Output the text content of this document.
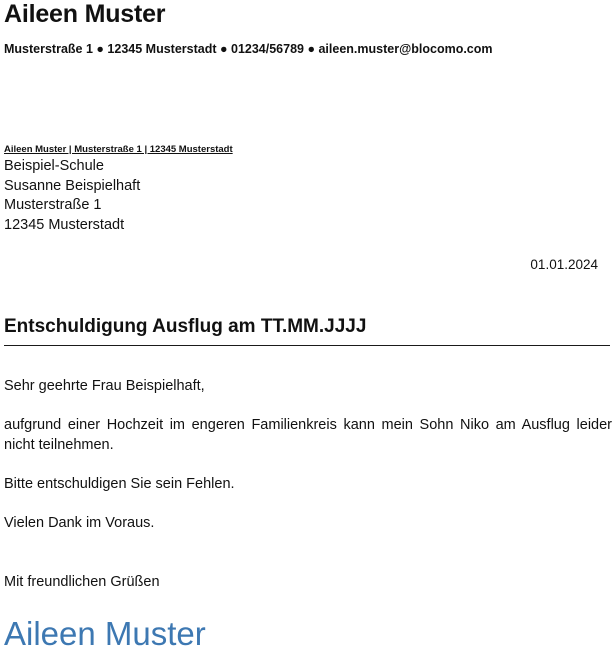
Aileen Muster
Musterstraße 1 ● 12345 Musterstadt ● 01234/56789 ● aileen.muster@blocomo.com
Aileen Muster | Musterstraße 1 | 12345 Musterstadt
Beispiel-Schule
Susanne Beispielhaft
Musterstraße 1
12345 Musterstadt
01.01.2024
Entschuldigung Ausflug am TT.MM.JJJJ
Sehr geehrte Frau Beispielhaft,
aufgrund einer Hochzeit im engeren Familienkreis kann mein Sohn Niko am Ausflug leider nicht teilnehmen.
Bitte entschuldigen Sie sein Fehlen.
Vielen Dank im Voraus.
Mit freundlichen Grüßen
Aileen Muster
